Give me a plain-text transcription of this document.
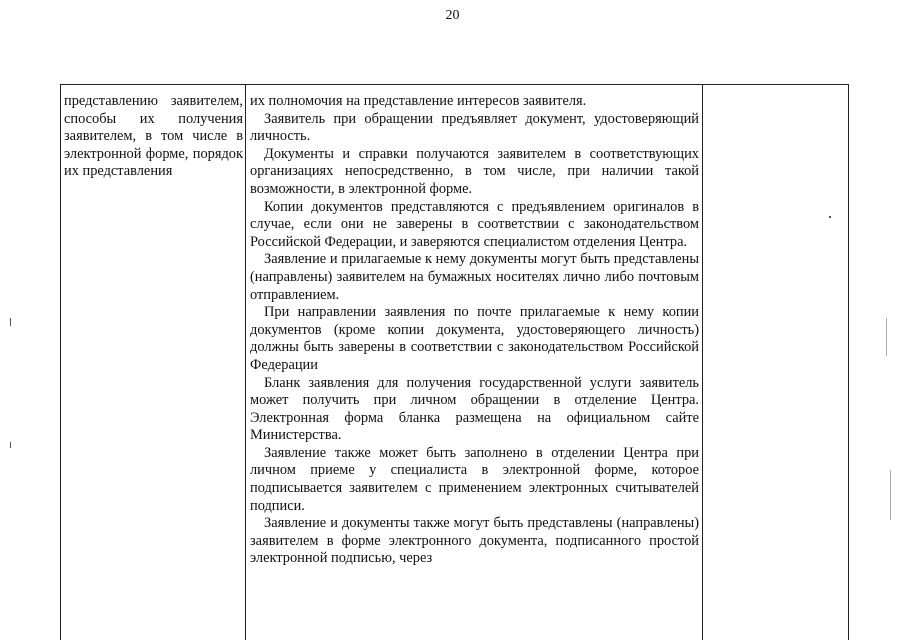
20

представлению заявителем, способы их получения заявителем, в том числе в электронной форме, порядок их представления

их полномочия на представление интересов заявителя.

Заявитель при обращении предъявляет документ, удостоверяющий личность.

Документы и справки получаются заявителем в соответствующих организациях непосредственно, в том числе, при наличии такой возможности, в электронной форме.

Копии документов представляются с предъявлением оригиналов в случае, если они не заверены в соответствии с законодательством Российской Федерации, и заверяются специалистом отделения Центра.

Заявление и прилагаемые к нему документы могут быть представлены (направлены) заявителем на бумажных носителях лично либо почтовым отправлением.

При направлении заявления по почте прилагаемые к нему копии документов (кроме копии документа, удостоверяющего личность) должны быть заверены в соответствии с законодательством Российской Федерации

Бланк заявления для получения государственной услуги заявитель может получить при личном обращении в отделение Центра. Электронная форма бланка размещена на официальном сайте Министерства.

Заявление также может быть заполнено в отделении Центра при личном приеме у специалиста в электронной форме, которое подписывается заявителем с применением электронных считывателей подписи.

Заявление и документы также могут быть представлены (направлены) заявителем в форме электронного документа, подписанного простой электронной подписью, через
